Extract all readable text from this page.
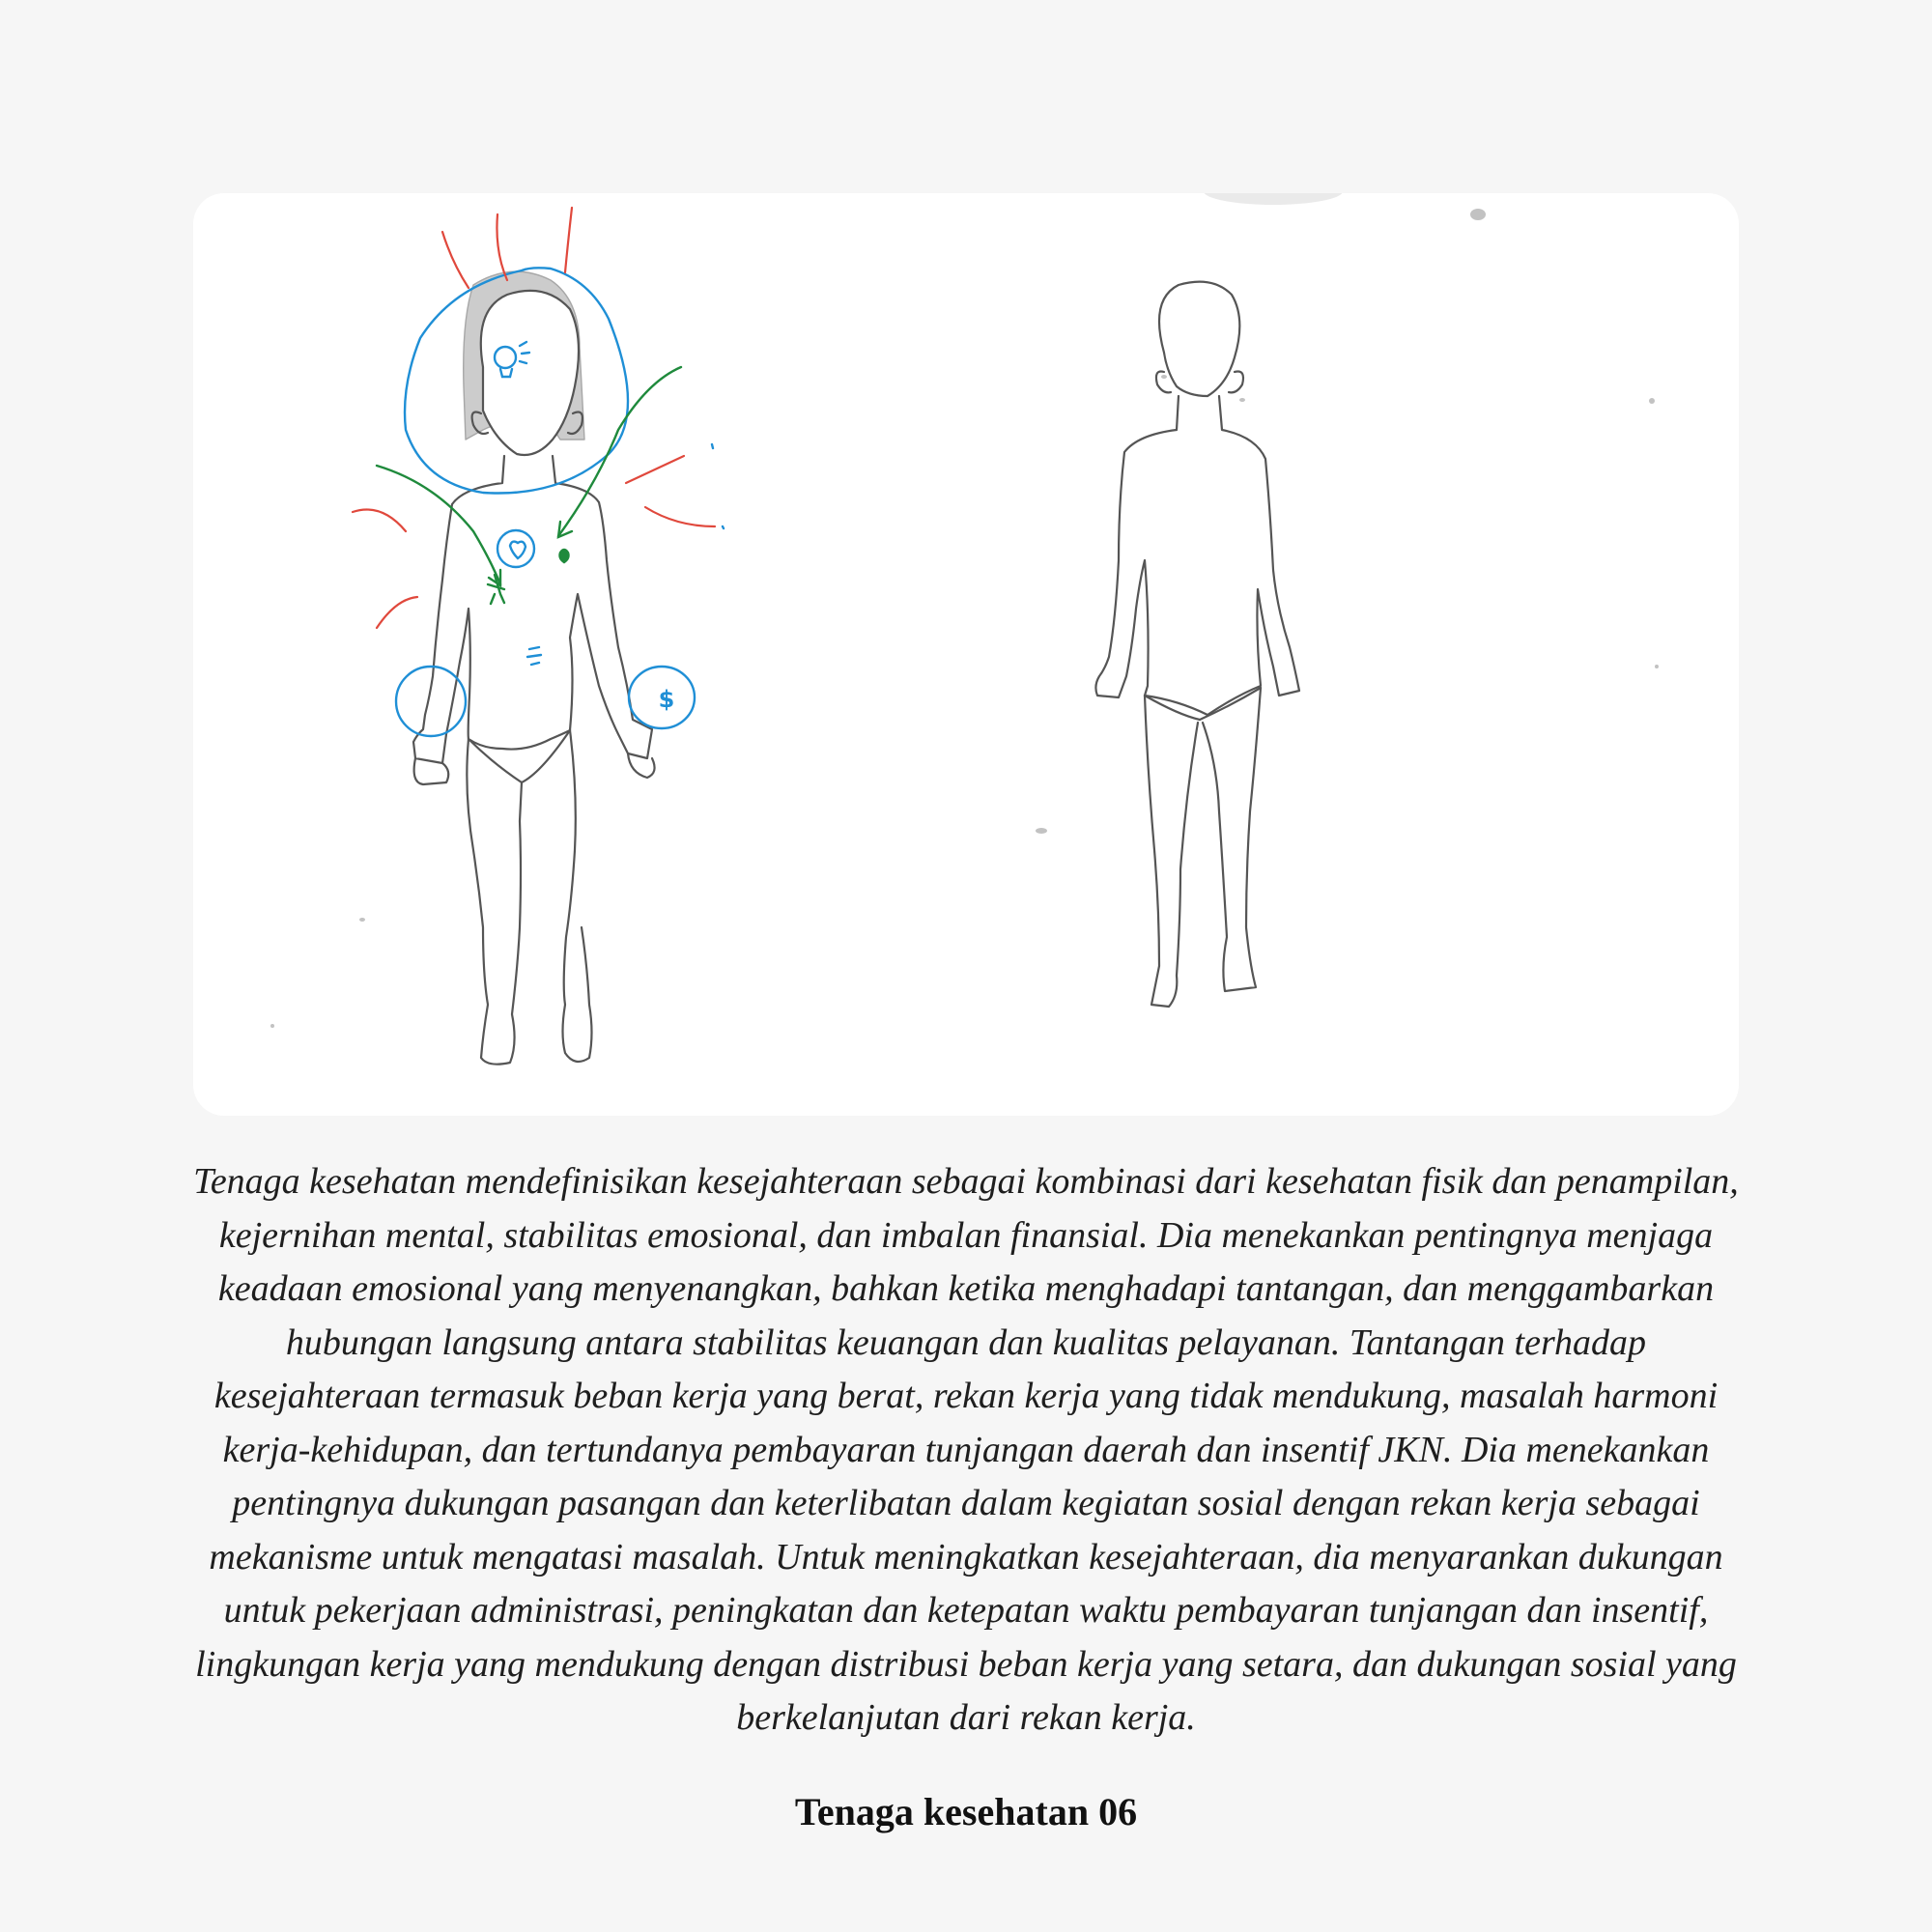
$

Tenaga kesehatan mendefinisikan kesejahteraan sebagai kombinasi dari kesehatan fisik dan penampilan, kejernihan mental, stabilitas emosional, dan imbalan finansial. Dia menekankan pentingnya menjaga keadaan emosional yang menyenangkan, bahkan ketika menghadapi tantangan, dan menggambarkan hubungan langsung antara stabilitas keuangan dan kualitas pelayanan. Tantangan terhadap kesejahteraan termasuk beban kerja yang berat, rekan kerja yang tidak mendukung, masalah harmoni kerja-kehidupan, dan tertundanya pembayaran tunjangan daerah dan insentif JKN. Dia menekankan pentingnya dukungan pasangan dan keterlibatan dalam kegiatan sosial dengan rekan kerja sebagai mekanisme untuk mengatasi masalah. Untuk meningkatkan kesejahteraan, dia menyarankan dukungan untuk pekerjaan administrasi, peningkatan dan ketepatan waktu pembayaran tunjangan dan insentif, lingkungan kerja yang mendukung dengan distribusi beban kerja yang setara, dan dukungan sosial yang berkelanjutan dari rekan kerja.

Tenaga kesehatan 06
